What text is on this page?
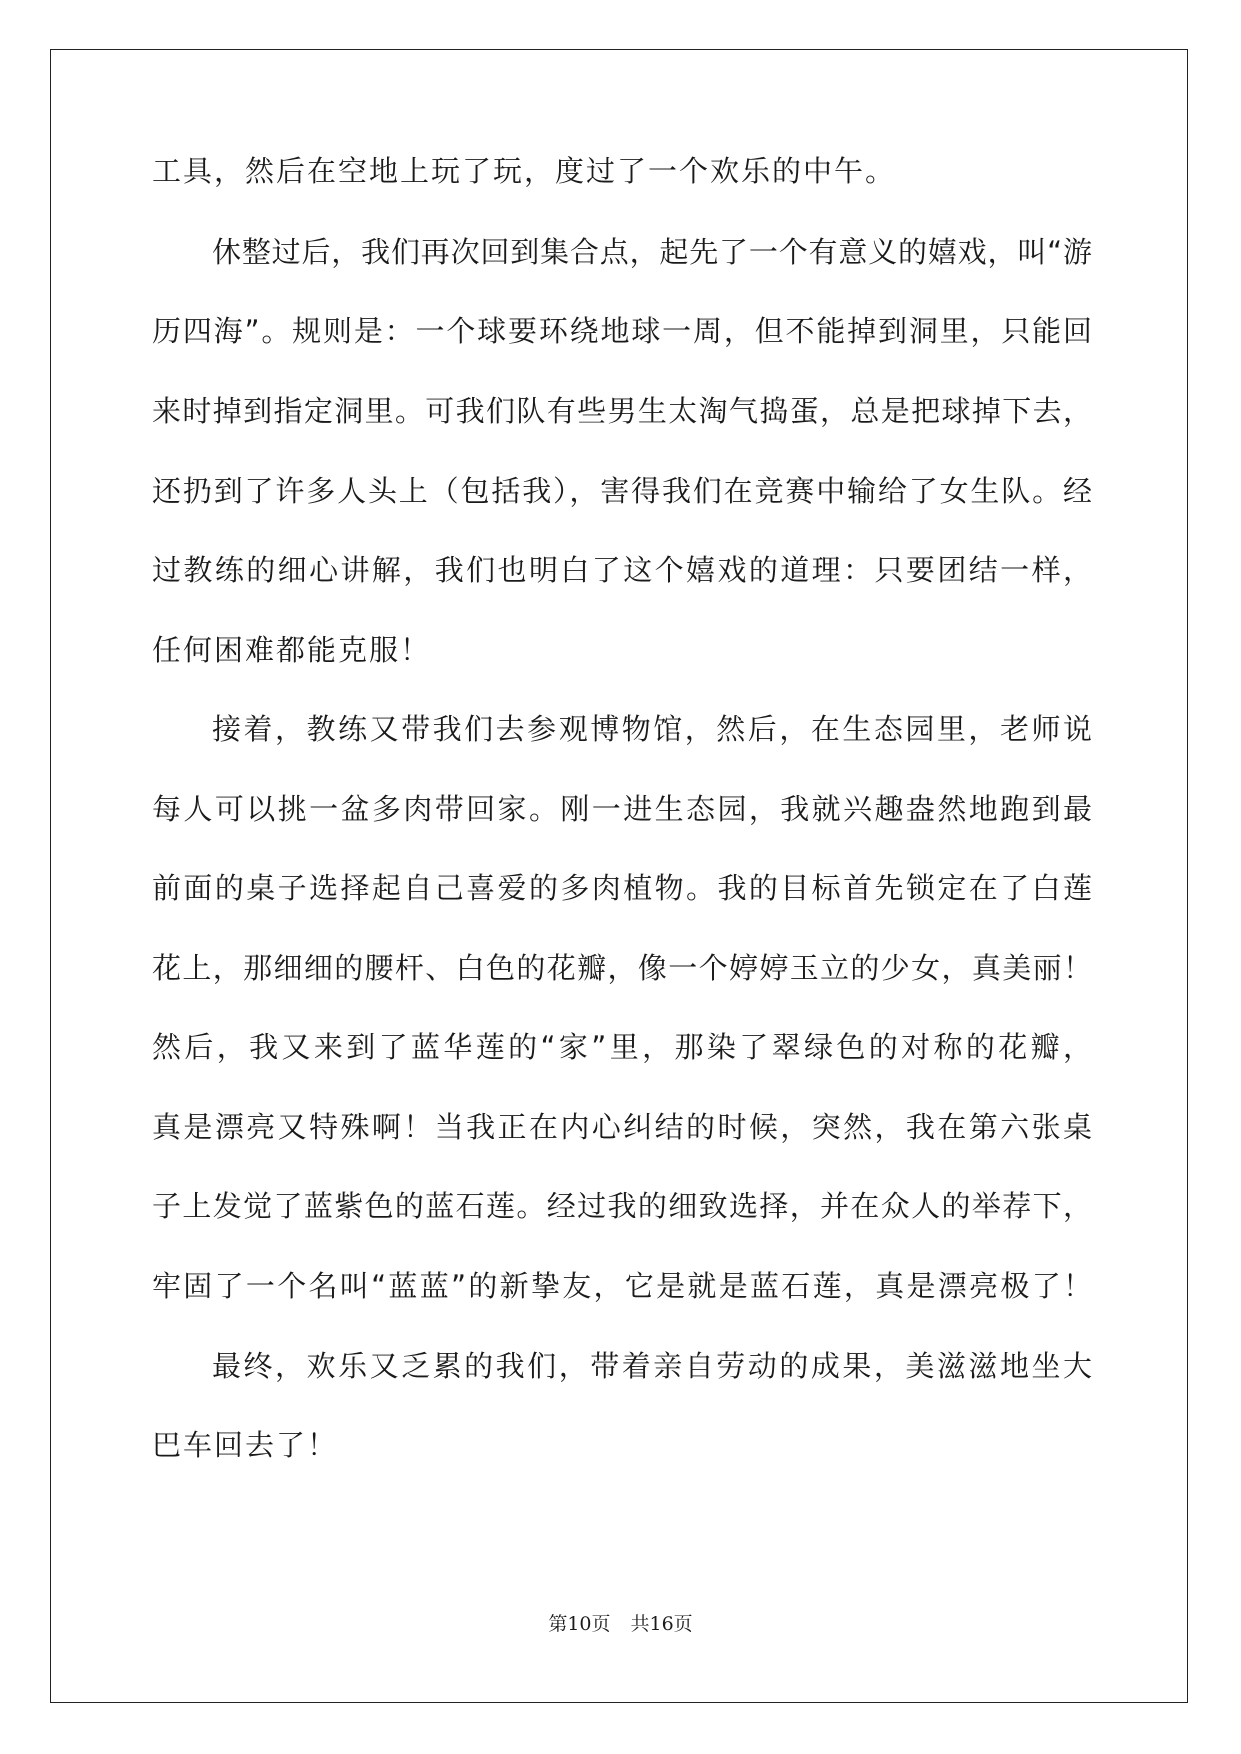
工具，然后在空地上玩了玩，度过了一个欢乐的中午。

休整过后，我们再次回到集合点，起先了一个有意义的嬉戏，叫“游

历四海”。规则是：一个球要环绕地球一周，但不能掉到洞里，只能回

来时掉到指定洞里。可我们队有些男生太淘气捣蛋，总是把球掉下去，

还扔到了许多人头上（包括我），害得我们在竞赛中输给了女生队。经

过教练的细心讲解，我们也明白了这个嬉戏的道理：只要团结一样，

任何困难都能克服！

接着，教练又带我们去参观博物馆，然后，在生态园里，老师说

每人可以挑一盆多肉带回家。刚一进生态园，我就兴趣盎然地跑到最

前面的桌子选择起自己喜爱的多肉植物。我的目标首先锁定在了白莲

花上，那细细的腰杆、白色的花瓣，像一个婷婷玉立的少女，真美丽！

然后，我又来到了蓝华莲的“家”里，那染了翠绿色的对称的花瓣，

真是漂亮又特殊啊！当我正在内心纠结的时候，突然，我在第六张桌

子上发觉了蓝紫色的蓝石莲。经过我的细致选择，并在众人的举荐下，

牢固了一个名叫“蓝蓝”的新挚友，它是就是蓝石莲，真是漂亮极了！

最终，欢乐又乏累的我们，带着亲自劳动的成果，美滋滋地坐大

巴车回去了！

第10页 共16页
